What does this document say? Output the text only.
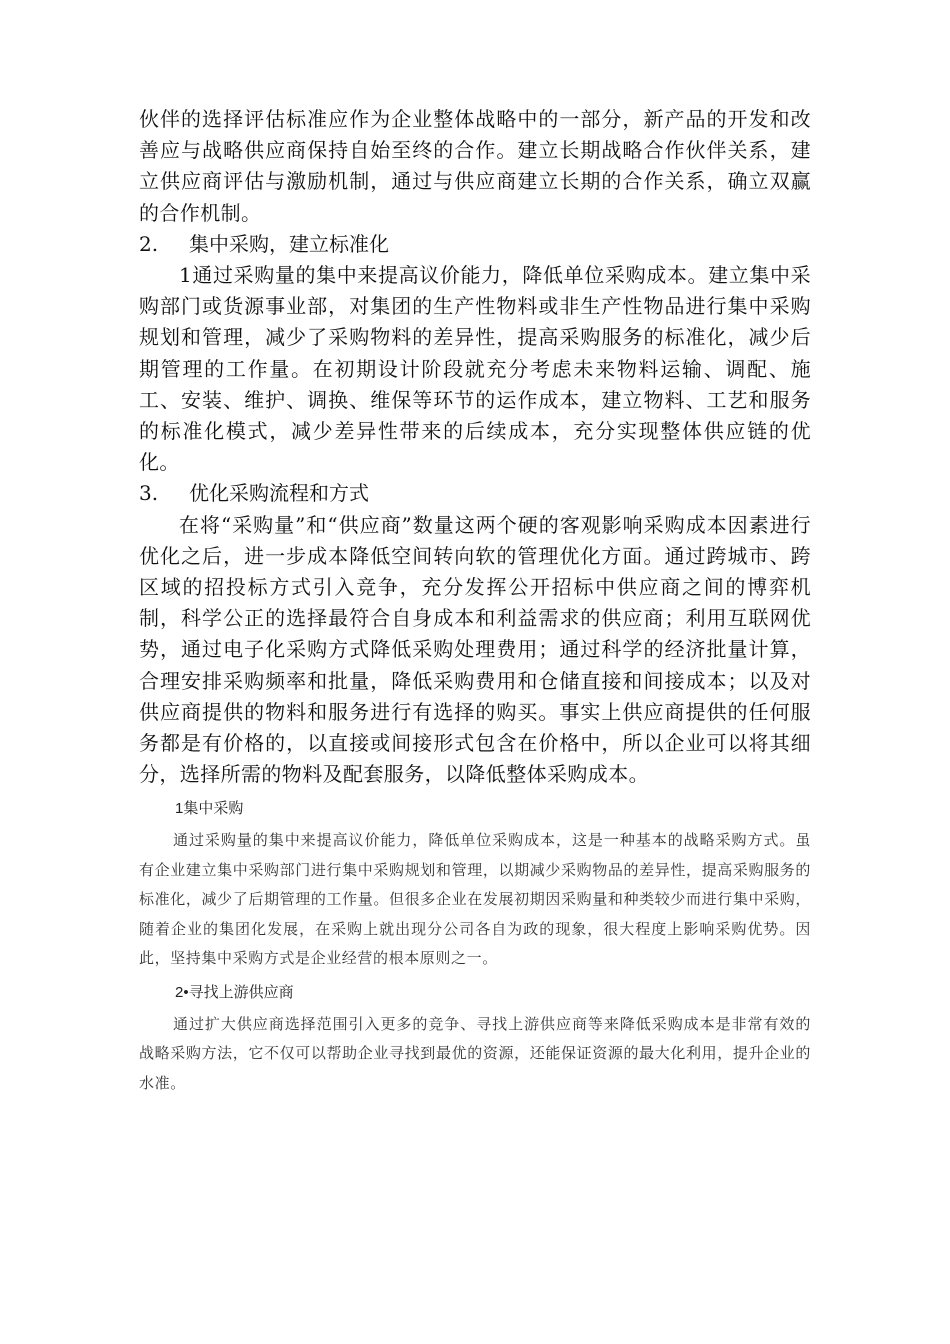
伙伴的选择评估标准应作为企业整体战略中的一部分，新产品的开发和改善应与战略供应商保持自始至终的合作。建立长期战略合作伙伴关系，建立供应商评估与激励机制，通过与供应商建立长期的合作关系，确立双赢的合作机制。

2. 集中采购，建立标准化

1通过采购量的集中来提高议价能力，降低单位采购成本。建立集中采购部门或货源事业部，对集团的生产性物料或非生产性物品进行集中采购规划和管理，减少了采购物料的差异性，提高采购服务的标准化，减少后期管理的工作量。在初期设计阶段就充分考虑未来物料运输、调配、施工、安装、维护、调换、维保等环节的运作成本，建立物料、工艺和服务的标准化模式，减少差异性带来的后续成本，充分实现整体供应链的优化。

3. 优化采购流程和方式

在将“采购量”和“供应商”数量这两个硬的客观影响采购成本因素进行优化之后，进一步成本降低空间转向软的管理优化方面。通过跨城市、跨区域的招投标方式引入竞争，充分发挥公开招标中供应商之间的博弈机制，科学公正的选择最符合自身成本和利益需求的供应商；利用互联网优势，通过电子化采购方式降低采购处理费用；通过科学的经济批量计算，合理安排采购频率和批量，降低采购费用和仓储直接和间接成本；以及对供应商提供的物料和服务进行有选择的购买。事实上供应商提供的任何服务都是有价格的，以直接或间接形式包含在价格中，所以企业可以将其细分，选择所需的物料及配套服务，以降低整体采购成本。

1集中采购

通过采购量的集中来提高议价能力，降低单位采购成本，这是一种基本的战略采购方式。虽有企业建立集中采购部门进行集中采购规划和管理，以期减少采购物品的差异性，提高采购服务的标准化，减少了后期管理的工作量。但很多企业在发展初期因采购量和种类较少而进行集中采购，随着企业的集团化发展，在采购上就出现分公司各自为政的现象，很大程度上影响采购优势。因此，坚持集中采购方式是企业经营的根本原则之一。

2•寻找上游供应商

通过扩大供应商选择范围引入更多的竞争、寻找上游供应商等来降低采购成本是非常有效的战略采购方法，它不仅可以帮助企业寻找到最优的资源，还能保证资源的最大化利用，提升企业的水准。
